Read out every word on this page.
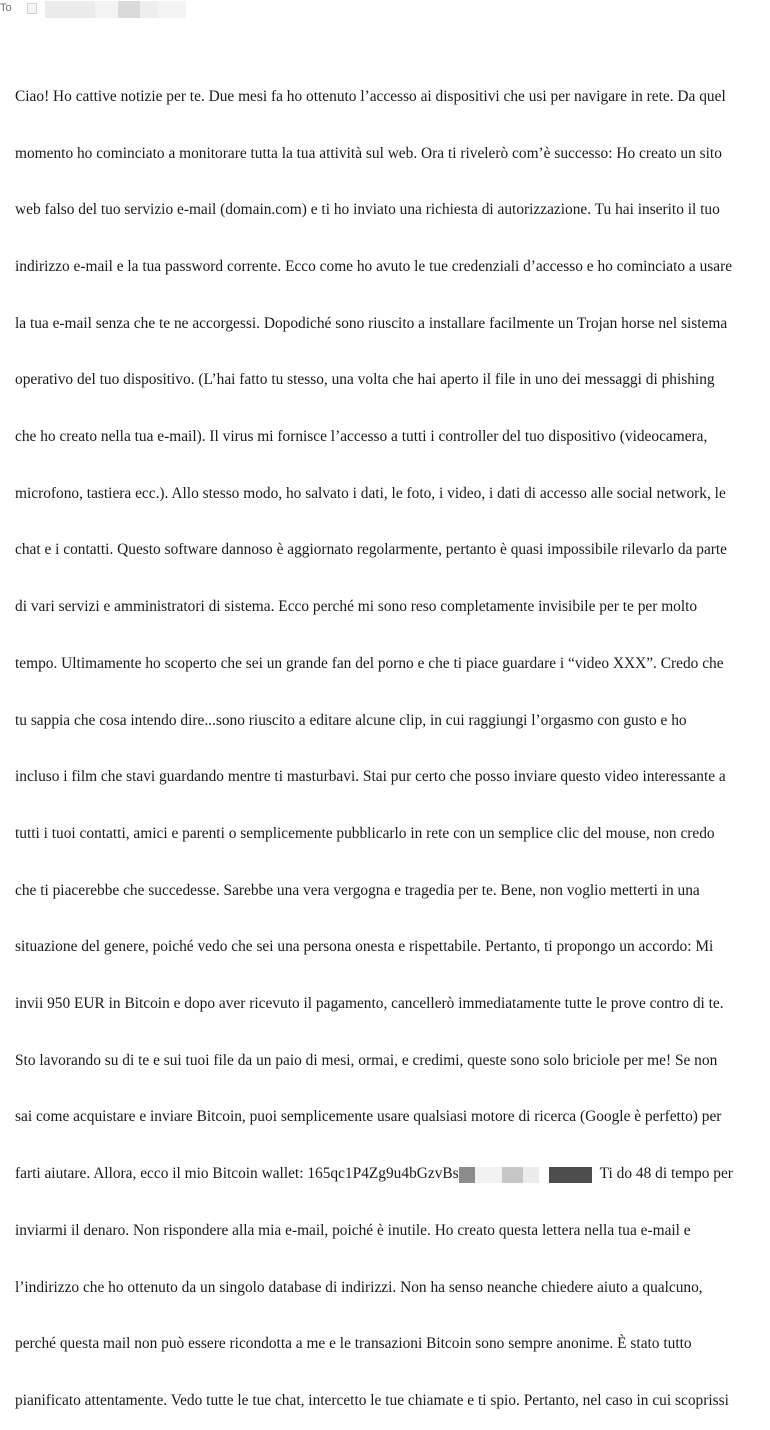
To

Ciao! Ho cattive notizie per te. Due mesi fa ho ottenuto l’accesso ai dispositivi che usi per navigare in rete. Da quel

momento ho cominciato a monitorare tutta la tua attività sul web. Ora ti rivelerò com’è successo: Ho creato un sito

web falso del tuo servizio e-mail (domain.com) e ti ho inviato una richiesta di autorizzazione. Tu hai inserito il tuo

indirizzo e-mail e la tua password corrente. Ecco come ho avuto le tue credenziali d’accesso e ho cominciato a usare

la tua e-mail senza che te ne accorgessi. Dopodiché sono riuscito a installare facilmente un Trojan horse nel sistema

operativo del tuo dispositivo. (L’hai fatto tu stesso, una volta che hai aperto il file in uno dei messaggi di phishing

che ho creato nella tua e-mail). Il virus mi fornisce l’accesso a tutti i controller del tuo dispositivo (videocamera,

microfono, tastiera ecc.). Allo stesso modo, ho salvato i dati, le foto, i video, i dati di accesso alle social network, le

chat e i contatti. Questo software dannoso è aggiornato regolarmente, pertanto è quasi impossibile rilevarlo da parte

di vari servizi e amministratori di sistema. Ecco perché mi sono reso completamente invisibile per te per molto

tempo. Ultimamente ho scoperto che sei un grande fan del porno e che ti piace guardare i “video XXX”. Credo che

tu sappia che cosa intendo dire...sono riuscito a editare alcune clip, in cui raggiungi l’orgasmo con gusto e ho

incluso i film che stavi guardando mentre ti masturbavi. Stai pur certo che posso inviare questo video interessante a

tutti i tuoi contatti, amici e parenti o semplicemente pubblicarlo in rete con un semplice clic del mouse, non credo

che ti piacerebbe che succedesse. Sarebbe una vera vergogna e tragedia per te. Bene, non voglio metterti in una

situazione del genere, poiché vedo che sei una persona onesta e rispettabile. Pertanto, ti propongo un accordo: Mi

invii 950 EUR in Bitcoin e dopo aver ricevuto il pagamento, cancellerò immediatamente tutte le prove contro di te.

Sto lavorando su di te e sui tuoi file da un paio di mesi, ormai, e credimi, queste sono solo briciole per me! Se non

sai come acquistare e inviare Bitcoin, puoi semplicemente usare qualsiasi motore di ricerca (Google è perfetto) per

farti aiutare. Allora, ecco il mio Bitcoin wallet: 165qc1P4Zg9u4bGzvBs	Ti do 48 di tempo per

inviarmi il denaro. Non rispondere alla mia e-mail, poiché è inutile. Ho creato questa lettera nella tua e-mail e

l’indirizzo che ho ottenuto da un singolo database di indirizzi. Non ha senso neanche chiedere aiuto a qualcuno,

perché questa mail non può essere ricondotta a me e le transazioni Bitcoin sono sempre anonime. È stato tutto

pianificato attentamente. Vedo tutte le tue chat, intercetto le tue chiamate e ti spio. Pertanto, nel caso in cui scoprissi
